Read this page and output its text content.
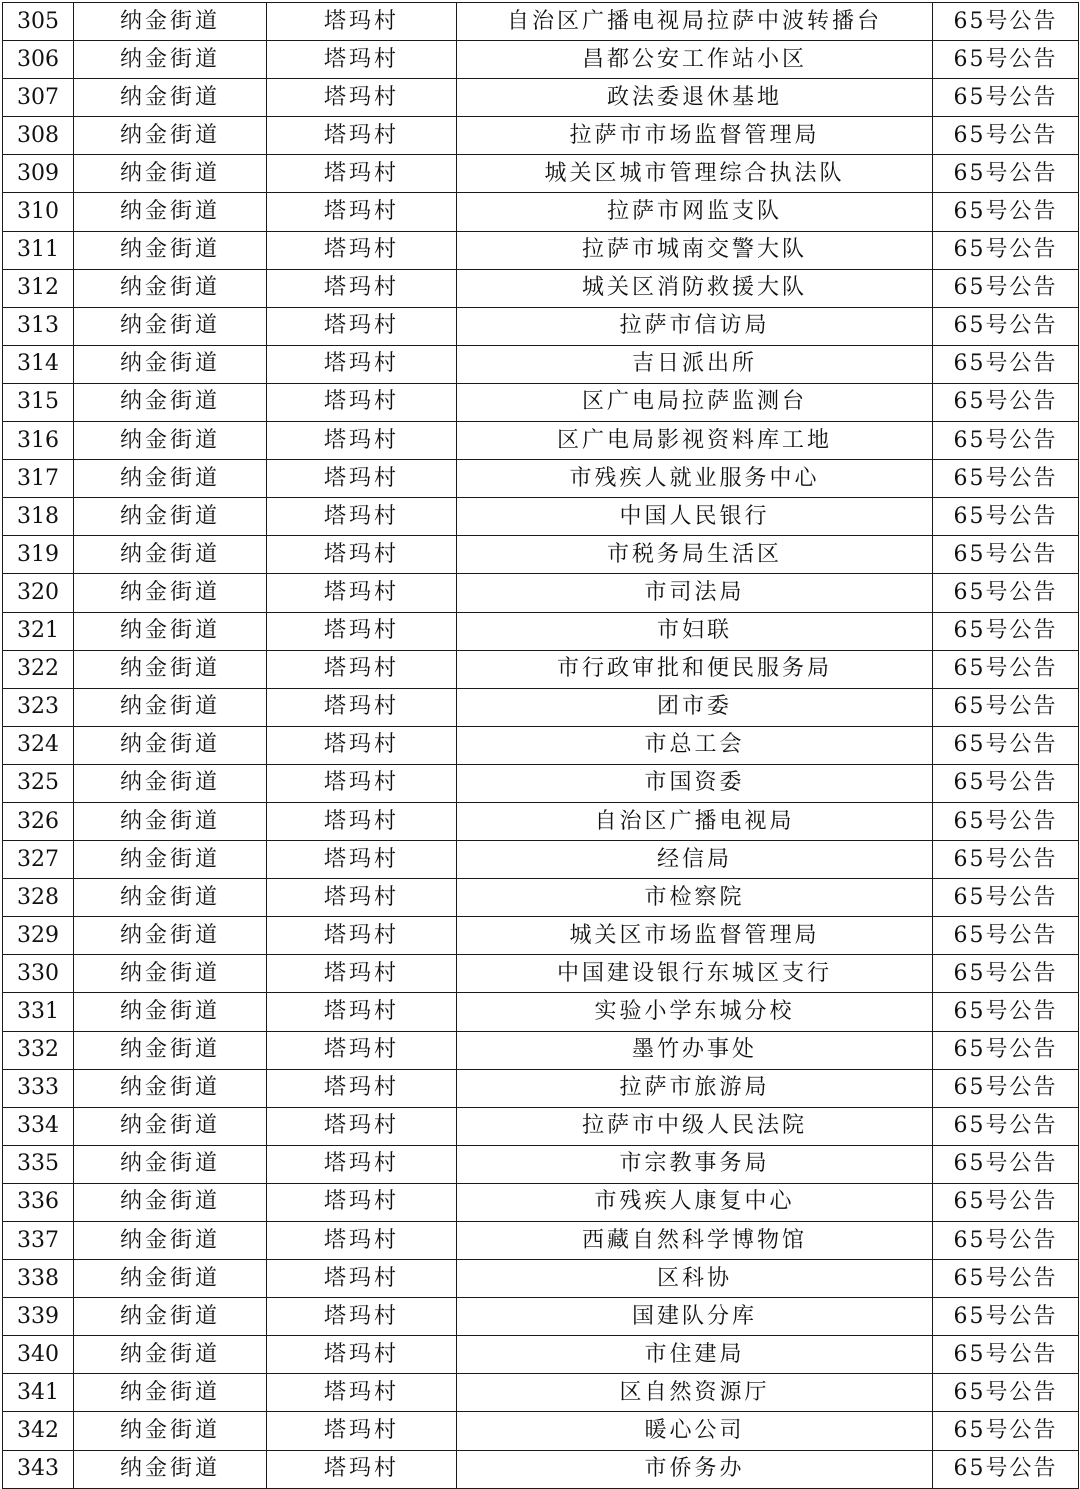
305	纳金街道	塔玛村	自治区广播电视局拉萨中波转播台	65号公告
306	纳金街道	塔玛村	昌都公安工作站小区	65号公告
307	纳金街道	塔玛村	政法委退休基地	65号公告
308	纳金街道	塔玛村	拉萨市市场监督管理局	65号公告
309	纳金街道	塔玛村	城关区城市管理综合执法队	65号公告
310	纳金街道	塔玛村	拉萨市网监支队	65号公告
311	纳金街道	塔玛村	拉萨市城南交警大队	65号公告
312	纳金街道	塔玛村	城关区消防救援大队	65号公告
313	纳金街道	塔玛村	拉萨市信访局	65号公告
314	纳金街道	塔玛村	吉日派出所	65号公告
315	纳金街道	塔玛村	区广电局拉萨监测台	65号公告
316	纳金街道	塔玛村	区广电局影视资料库工地	65号公告
317	纳金街道	塔玛村	市残疾人就业服务中心	65号公告
318	纳金街道	塔玛村	中国人民银行	65号公告
319	纳金街道	塔玛村	市税务局生活区	65号公告
320	纳金街道	塔玛村	市司法局	65号公告
321	纳金街道	塔玛村	市妇联	65号公告
322	纳金街道	塔玛村	市行政审批和便民服务局	65号公告
323	纳金街道	塔玛村	团市委	65号公告
324	纳金街道	塔玛村	市总工会	65号公告
325	纳金街道	塔玛村	市国资委	65号公告
326	纳金街道	塔玛村	自治区广播电视局	65号公告
327	纳金街道	塔玛村	经信局	65号公告
328	纳金街道	塔玛村	市检察院	65号公告
329	纳金街道	塔玛村	城关区市场监督管理局	65号公告
330	纳金街道	塔玛村	中国建设银行东城区支行	65号公告
331	纳金街道	塔玛村	实验小学东城分校	65号公告
332	纳金街道	塔玛村	墨竹办事处	65号公告
333	纳金街道	塔玛村	拉萨市旅游局	65号公告
334	纳金街道	塔玛村	拉萨市中级人民法院	65号公告
335	纳金街道	塔玛村	市宗教事务局	65号公告
336	纳金街道	塔玛村	市残疾人康复中心	65号公告
337	纳金街道	塔玛村	西藏自然科学博物馆	65号公告
338	纳金街道	塔玛村	区科协	65号公告
339	纳金街道	塔玛村	国建队分库	65号公告
340	纳金街道	塔玛村	市住建局	65号公告
341	纳金街道	塔玛村	区自然资源厅	65号公告
342	纳金街道	塔玛村	暖心公司	65号公告
343	纳金街道	塔玛村	市侨务办	65号公告
